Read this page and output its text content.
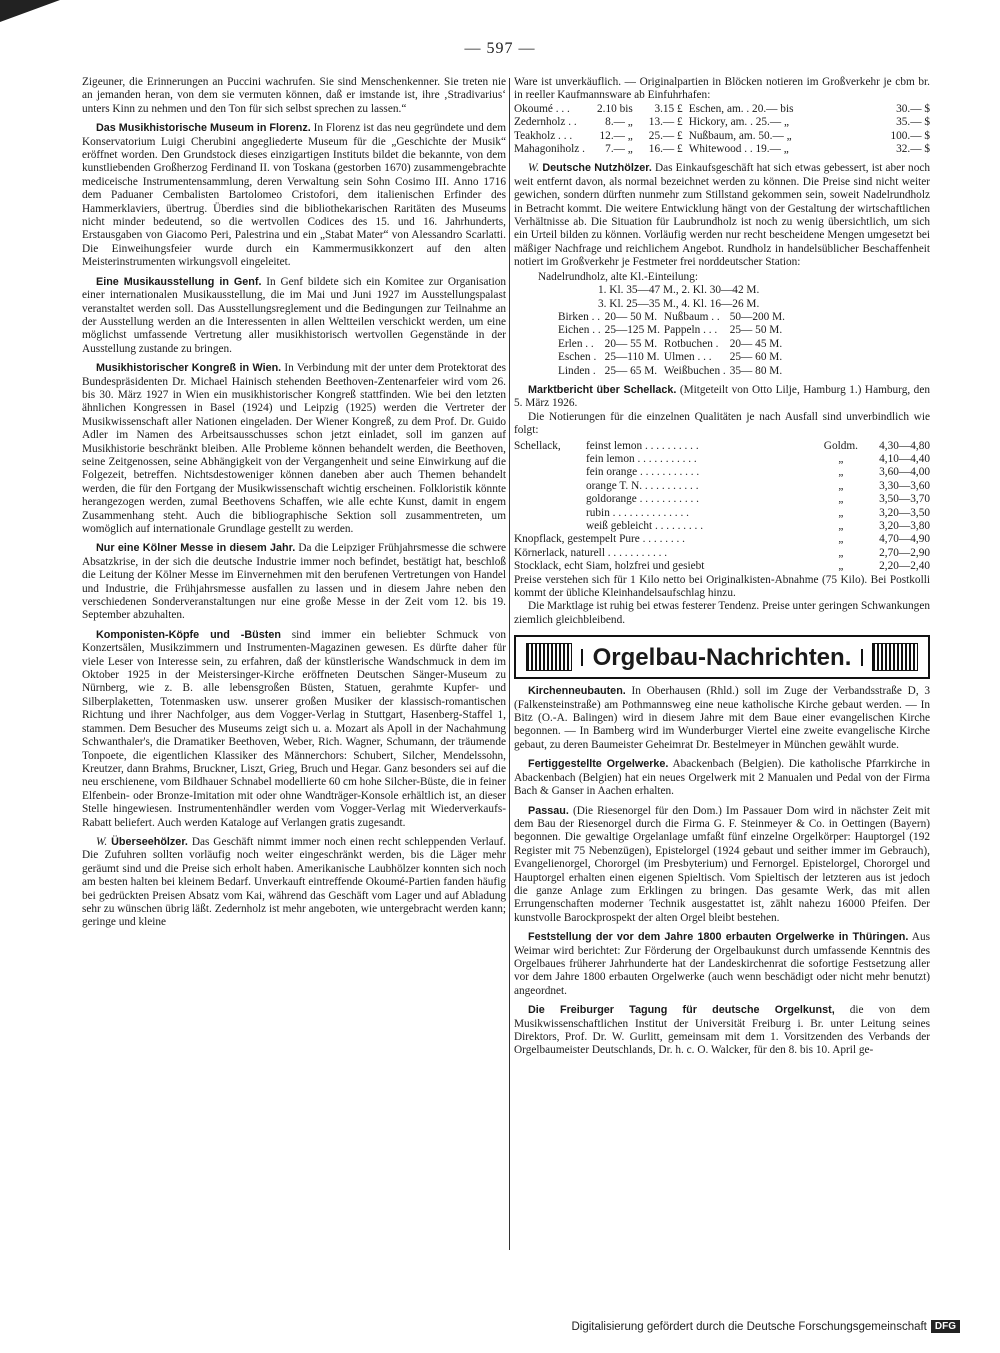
— 597 —

Zigeuner, die Erinnerungen an Puccini wachrufen. Sie sind Menschenkenner. Sie treten nie an jemanden heran, von dem sie vermuten können, daß er imstande ist, ihre ‚Stradivarius‘ unters Kinn zu nehmen und den Ton für sich selbst sprechen zu lassen.“

Das Musikhistorische Museum in Florenz. In Florenz ist das neu gegründete und dem Konservatorium Luigi Cherubini angegliederte Museum für die „Geschichte der Musik“ eröffnet worden. Den Grundstock dieses einzigartigen Instituts bildet die bekannte, von dem kunstliebenden Großherzog Ferdinand II. von Toskana (gestorben 1670) zusammengebrachte mediceische Instrumentensammlung, deren Verwaltung sein Sohn Cosimo III. Anno 1716 dem Paduaner Cembalisten Bartolomeo Cristofori, dem italienischen Erfinder des Hammerklaviers, übertrug. Überdies sind die bibliothekarischen Raritäten des Museums nicht minder bedeutend, so die wertvollen Codices des 15. und 16. Jahrhunderts, Erstausgaben von Giacomo Peri, Palestrina und ein „Stabat Mater“ von Alessandro Scarlatti. Die Einweihungsfeier wurde durch ein Kammermusikkonzert auf den alten Meisterinstrumenten wirkungsvoll eingeleitet.

Eine Musikausstellung in Genf. In Genf bildete sich ein Komitee zur Organisation einer internationalen Musikausstellung, die im Mai und Juni 1927 im Ausstellungspalast veranstaltet werden soll. Das Ausstellungsreglement und die Bedingungen zur Teilnahme an der Ausstellung werden an die Interessenten in allen Weltteilen verschickt werden, um eine möglichst umfassende Vertretung aller musikhistorisch wertvollen Gegenstände in der Ausstellung zustande zu bringen.

Musikhistorischer Kongreß in Wien. In Verbindung mit der unter dem Protektorat des Bundespräsidenten Dr. Michael Hainisch stehenden Beethoven-Zentenarfeier wird vom 26. bis 30. März 1927 in Wien ein musikhistorischer Kongreß stattfinden. Wie bei den letzten ähnlichen Kongressen in Basel (1924) und Leipzig (1925) werden die Vertreter der Musikwissenschaft aller Nationen eingeladen. Der Wiener Kongreß, zu dem Prof. Dr. Guido Adler im Namen des Arbeitsausschusses schon jetzt einladet, soll im ganzen auf Musikhistorie beschränkt bleiben. Alle Probleme können behandelt werden, die Beethoven, seine Zeitgenossen, seine Abhängigkeit von der Vergangenheit und seine Einwirkung auf die Folgezeit, betreffen. Nichtsdestoweniger können daneben aber auch Themen behandelt werden, die für den Fortgang der Musikwissenschaft wichtig erscheinen. Folkloristik könnte herangezogen werden, zumal Beethovens Schaffen, wie alle echte Kunst, damit in engem Zusammenhang steht. Auch die bibliographische Sektion soll zusammentreten, um womöglich auf internationale Grundlage gestellt zu werden.

Nur eine Kölner Messe in diesem Jahr. Da die Leipziger Frühjahrsmesse die schwere Absatzkrise, in der sich die deutsche Industrie immer noch befindet, bestätigt hat, beschloß die Leitung der Kölner Messe im Einvernehmen mit den berufenen Vertretungen von Handel und Industrie, die Frühjahrsmesse ausfallen zu lassen und in diesem Jahre neben den verschiedenen Sonderveranstaltungen nur eine große Messe in der Zeit vom 12. bis 19. September abzuhalten.

Komponisten-Köpfe und -Büsten sind immer ein beliebter Schmuck von Konzertsälen, Musikzimmern und Instrumenten-Magazinen gewesen. Es dürfte daher für viele Leser von Interesse sein, zu erfahren, daß der künstlerische Wandschmuck in dem im Oktober 1925 in der Meistersinger-Kirche eröffneten Deutschen Sänger-Museum zu Nürnberg, wie z. B. alle lebensgroßen Büsten, Statuen, gerahmte Kupfer- und Silberplaketten, Totenmasken usw. unserer großen Musiker der klassisch-romantischen Richtung und ihrer Nachfolger, aus dem Vogger-Verlag in Stuttgart, Hasenberg-Staffel 1, stammen. Dem Besucher des Museums zeigt sich u. a. Mozart als Apoll in der Nachahmung Schwanthaler's, die Dramatiker Beethoven, Weber, Rich. Wagner, Schumann, der träumende Tonpoete, die eigentlichen Klassiker des Männerchors: Schubert, Silcher, Mendelssohn, Kreutzer, dann Brahms, Bruckner, Liszt, Grieg, Bruch und Hegar. Ganz besonders sei auf die neu erschienene, vom Bildhauer Schnabel modellierte 60 cm hohe Silcher-Büste, die in feiner Elfenbein- oder Bronze-Imitation mit oder ohne Wandträger-Konsole erhältlich ist, an dieser Stelle hingewiesen. Instrumentenhändler werden vom Vogger-Verlag mit Wiederverkaufs-Rabatt beliefert. Auch werden Kataloge auf Verlangen gratis zugesandt.

W. Überseehölzer. Das Geschäft nimmt immer noch einen recht schleppenden Verlauf. Die Zufuhren sollten vorläufig noch weiter eingeschränkt werden, bis die Läger mehr geräumt sind und die Preise sich erholt haben. Amerikanische Laubhölzer konnten sich noch am besten halten bei kleinem Bedarf. Unverkauft eintreffende Okoumé-Partien fanden häufig bei gedrückten Preisen Absatz vom Kai, während das Geschäft vom Lager und auf Abladung sehr zu wünschen übrig läßt. Zedernholz ist mehr angeboten, wie untergebracht werden kann; geringe und kleine

Ware ist unverkäuflich. — Originalpartien in Blöcken notieren im Großverkehr je cbm br. in reeller Kaufmannsware ab Einfuhrhafen:

Okoumé . . .	2.10 bis	3.15 £	Eschen, am. . 20.— bis	30.— $
Zedernholz . .	8.— „	13.— £	Hickory, am. . 25.— „	35.— $
Teakholz . . .	12.— „	25.— £	Nußbaum, am. 50.— „	100.— $
Mahagoniholz .	7.— „	16.— £	Whitewood . . 19.— „	32.— $

W. Deutsche Nutzhölzer. Das Einkaufsgeschäft hat sich etwas gebessert, ist aber noch weit entfernt davon, als normal bezeichnet werden zu können. Die Preise sind nicht weiter gewichen, sondern dürften nunmehr zum Stillstand gekommen sein, soweit Nadelrundholz in Betracht kommt. Die weitere Entwicklung hängt von der Gestaltung der wirtschaftlichen Verhältnisse ab. Die Situation für Laubrundholz ist noch zu wenig übersichtlich, um sich ein Urteil bilden zu können. Vorläufig werden nur recht bescheidene Mengen umgesetzt bei mäßiger Nachfrage und reichlichem Angebot. Rundholz in handelsüblicher Beschaffenheit notiert im Großverkehr je Festmeter frei norddeutscher Station:

Nadelrundholz, alte Kl.-Einteilung:
1. Kl. 35—47 M., 2. Kl. 30—42 M.
3. Kl. 25—35 M., 4. Kl. 16—26 M.
Birken . .	20— 50 M.	Nußbaum . .	50—200 M.
Eichen . .	25—125 M.	Pappeln . . .	25— 50 M.
Erlen . .	20— 55 M.	Rotbuchen .	20— 45 M.
Eschen .	25—110 M.	Ulmen . . .	25— 60 M.
Linden .	25— 65 M.	Weißbuchen .	35— 80 M.

Marktbericht über Schellack. (Mitgeteilt von Otto Lilje, Hamburg 1.) Hamburg, den 5. März 1926.

Die Notierungen für die einzelnen Qualitäten je nach Ausfall sind unverbindlich wie folgt:

Schellack,	feinst lemon . . . . . . . . . .	Goldm.	4,30—4,80
	fein lemon . . . . . . . . . . .	„	4,10—4,40
	fein orange . . . . . . . . . . .	„	3,60—4,00
	orange T. N. . . . . . . . . . .	„	3,30—3,60
	goldorange . . . . . . . . . . .	„	3,50—3,70
	rubin . . . . . . . . . . . . . .	„	3,20—3,50
	weiß gebleicht . . . . . . . . .	„	3,20—3,80
Knopflack, gestempelt Pure . . . . . . . .		„	4,70—4,90
Körnerlack, naturell . . . . . . . . . . .		„	2,70—2,90
Stocklack, echt Siam, holzfrei und gesiebt		„	2,20—2,40

Preise verstehen sich für 1 Kilo netto bei Originalkisten-Abnahme (75 Kilo). Bei Postkolli kommt der übliche Kleinhandelsaufschlag hinzu.

Die Marktlage ist ruhig bei etwas festerer Tendenz. Preise unter geringen Schwankungen ziemlich gleichbleibend.

Orgelbau-Nachrichten.

Kirchenneubauten. In Oberhausen (Rhld.) soll im Zuge der Verbandsstraße D, 3 (Falkensteinstraße) am Pothmannsweg eine neue katholische Kirche gebaut werden. — In Bitz (O.-A. Balingen) wird in diesem Jahre mit dem Baue einer evangelischen Kirche begonnen. — In Bamberg wird im Wunderburger Viertel eine zweite evangelische Kirche gebaut, zu deren Baumeister Geheimrat Dr. Bestelmeyer in München gewählt wurde.

Fertiggestellte Orgelwerke. Abackenbach (Belgien). Die katholische Pfarrkirche in Abackenbach (Belgien) hat ein neues Orgelwerk mit 2 Manualen und Pedal von der Firma Bach & Ganser in Aachen erhalten.

Passau. (Die Riesenorgel für den Dom.) Im Passauer Dom wird in nächster Zeit mit dem Bau der Riesenorgel durch die Firma G. F. Steinmeyer & Co. in Oettingen (Bayern) begonnen. Die gewaltige Orgelanlage umfaßt fünf einzelne Orgelkörper: Hauptorgel (192 Register mit 75 Nebenzügen), Epistelorgel (1924 gebaut und seither immer im Gebrauch), Evangelienorgel, Chororgel (im Presbyterium) und Fernorgel. Epistelorgel, Chororgel und Hauptorgel erhalten einen eigenen Spieltisch. Vom Spieltisch der letzteren aus ist jedoch die ganze Anlage zum Erklingen zu bringen. Das gesamte Werk, das mit allen Errungenschaften moderner Technik ausgestattet ist, zählt nahezu 16000 Pfeifen. Der kunstvolle Barockprospekt der alten Orgel bleibt bestehen.

Feststellung der vor dem Jahre 1800 erbauten Orgelwerke in Thüringen. Aus Weimar wird berichtet: Zur Förderung der Orgelbaukunst durch umfassende Kenntnis des Orgelbaues früherer Jahrhunderte hat der Landeskirchenrat die sofortige Festsetzung aller vor dem Jahre 1800 erbauten Orgelwerke (auch wenn beschädigt oder nicht mehr benutzt) angeordnet.

Die Freiburger Tagung für deutsche Orgelkunst, die von dem Musikwissenschaftlichen Institut der Universität Freiburg i. Br. unter Leitung seines Direktors, Prof. Dr. W. Gurlitt, gemeinsam mit dem 1. Vorsitzenden des Verbands der Orgelbaumeister Deutschlands, Dr. h. c. O. Walcker, für den 8. bis 10. April ge-

Digitalisierung gefördert durch die Deutsche Forschungsgemeinschaft DFG
